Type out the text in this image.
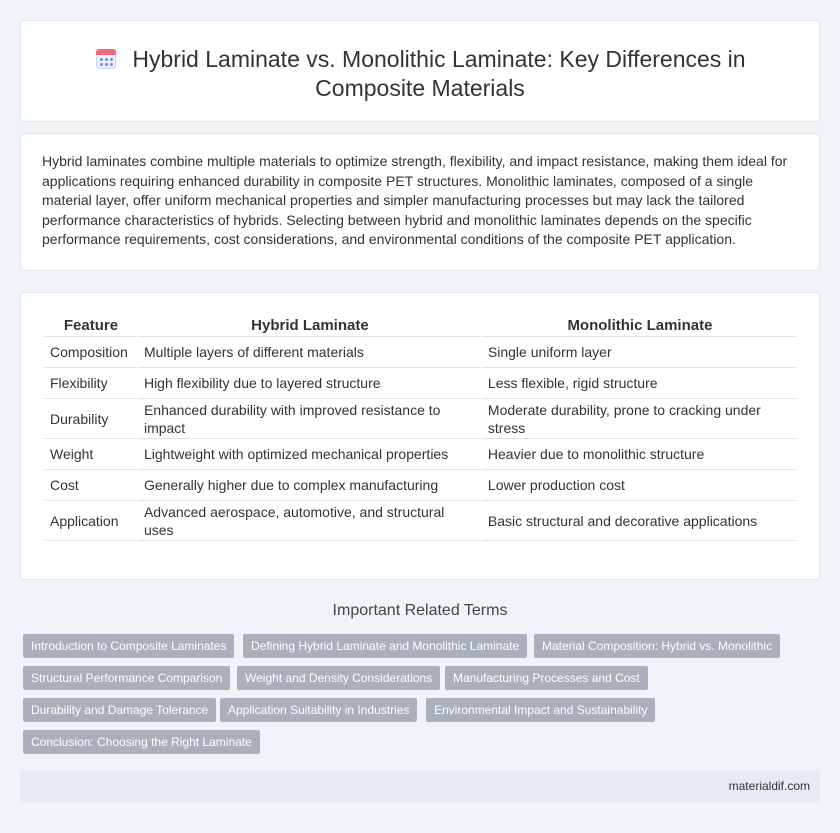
Hybrid Laminate vs. Monolithic Laminate: Key Differences in Composite Materials

Hybrid laminates combine multiple materials to optimize strength, flexibility, and impact resistance, making them ideal for applications requiring enhanced durability in composite PET structures. Monolithic laminates, composed of a single material layer, offer uniform mechanical properties and simpler manufacturing processes but may lack the tailored performance characteristics of hybrids. Selecting between hybrid and monolithic laminates depends on the specific performance requirements, cost considerations, and environmental conditions of the composite PET application.

Feature	Hybrid Laminate	Monolithic Laminate
Composition	Multiple layers of different materials	Single uniform layer
Flexibility	High flexibility due to layered structure	Less flexible, rigid structure
Durability	Enhanced durability with improved resistance to impact	Moderate durability, prone to cracking under stress
Weight	Lightweight with optimized mechanical properties	Heavier due to monolithic structure
Cost	Generally higher due to complex manufacturing	Lower production cost
Application	Advanced aerospace, automotive, and structural uses	Basic structural and decorative applications
Important Related Terms
Introduction to Composite Laminates	Defining Hybrid Laminate and Monolithic Laminate	Material Composition: Hybrid vs. Monolithic
Structural Performance Comparison	Weight and Density Considerations	Manufacturing Processes and Cost
Durability and Damage Tolerance	Application Suitability in Industries	Environmental Impact and Sustainability
Conclusion: Choosing the Right Laminate
materialdif.com
